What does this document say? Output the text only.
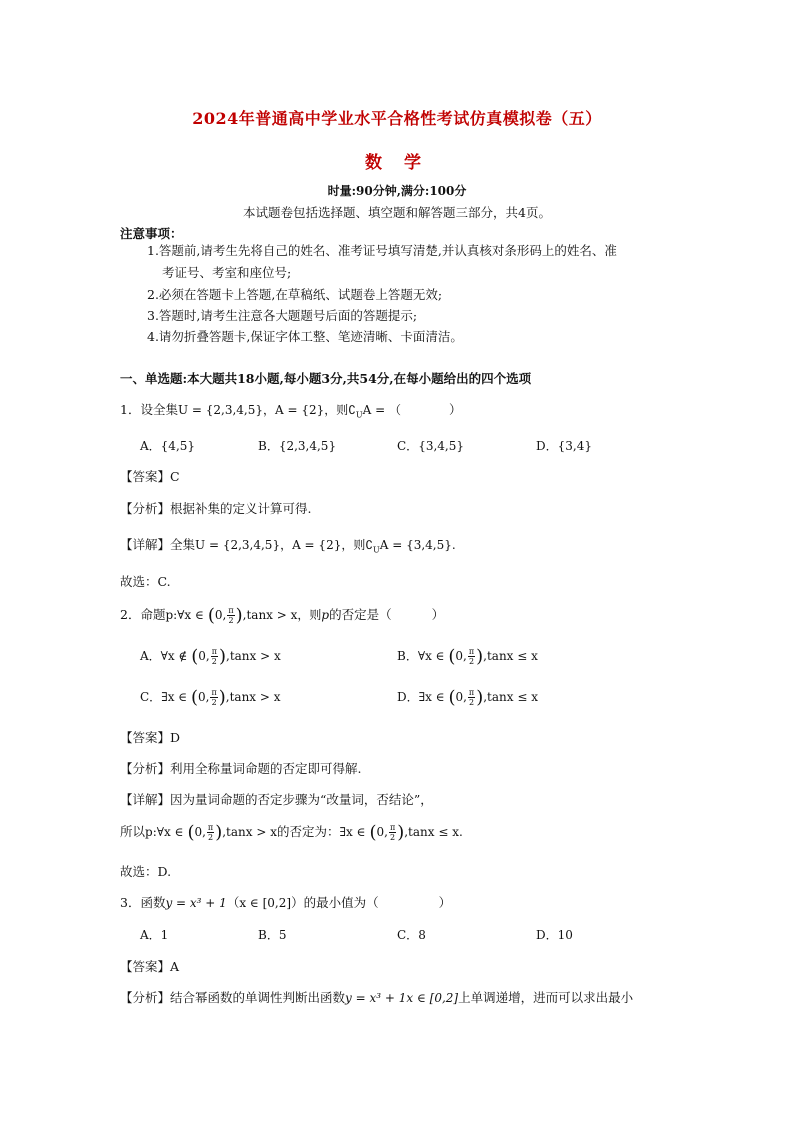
2024年普通高中学业水平合格性考试仿真模拟卷（五）
数 学
时量:90分钟,满分:100分
本试题卷包括选择题、填空题和解答题三部分，共4页。
注意事项：
1.答题前,请考生先将自己的姓名、准考证号填写清楚,并认真核对条形码上的姓名、准
考证号、考室和座位号;
2.必须在答题卡上答题,在草稿纸、试题卷上答题无效;
3.答题时,请考生注意各大题题号后面的答题提示;
4.请勿折叠答题卡,保证字体工整、笔迹清晰、卡面清洁。
一、单选题:本大题共18小题,每小题3分,共54分,在每小题给出的四个选项
1．设全集U = {2,3,4,5}，A = {2}，则$∁_UA$ = （	）
A．{4,5}	B．{2,3,4,5}	C．{3,4,5}	D．{3,4}
【答案】C
【分析】根据补集的定义计算可得.
【详解】全集U = {2,3,4,5}，A = {2}，则$∁_UA = \{3,4,5\}$.
故选：C.
2．命题p:∀x ∈ (0, $\frac{\pi}{2} ),\tan x > x$，则p的否定是（	）
A．∀x ∉ (0, $\frac{\pi}{2} ),\tan x > x$	B．∀x ∈ (0, $\frac{\pi}{2} ),\tan x \le x$
C．∃x ∈ (0, $\frac{\pi}{2} ),\tan x > x$	D．∃x ∈ (0, $\frac{\pi}{2} ),\tan x \le x$
【答案】D
【分析】利用全称量词命题的否定即可得解.
【详解】因为量词命题的否定步骤为“改量词，否结论”，
所以p:∀x ∈ (0, $\frac{\pi}{2} ),\tan x > x$的否定为：∃x ∈ (0, $\frac{\pi}{2} ),\tan x \le x$.
故选：D.
3．函数y = x³ + 1（x ∈ [0,2]）的最小值为（	）
A．1	B．5	C．8	D．10
【答案】A
【分析】结合幂函数的单调性判断出函数y = x³ + 1x ∈ [0,2]上单调递增，进而可以求出最小
